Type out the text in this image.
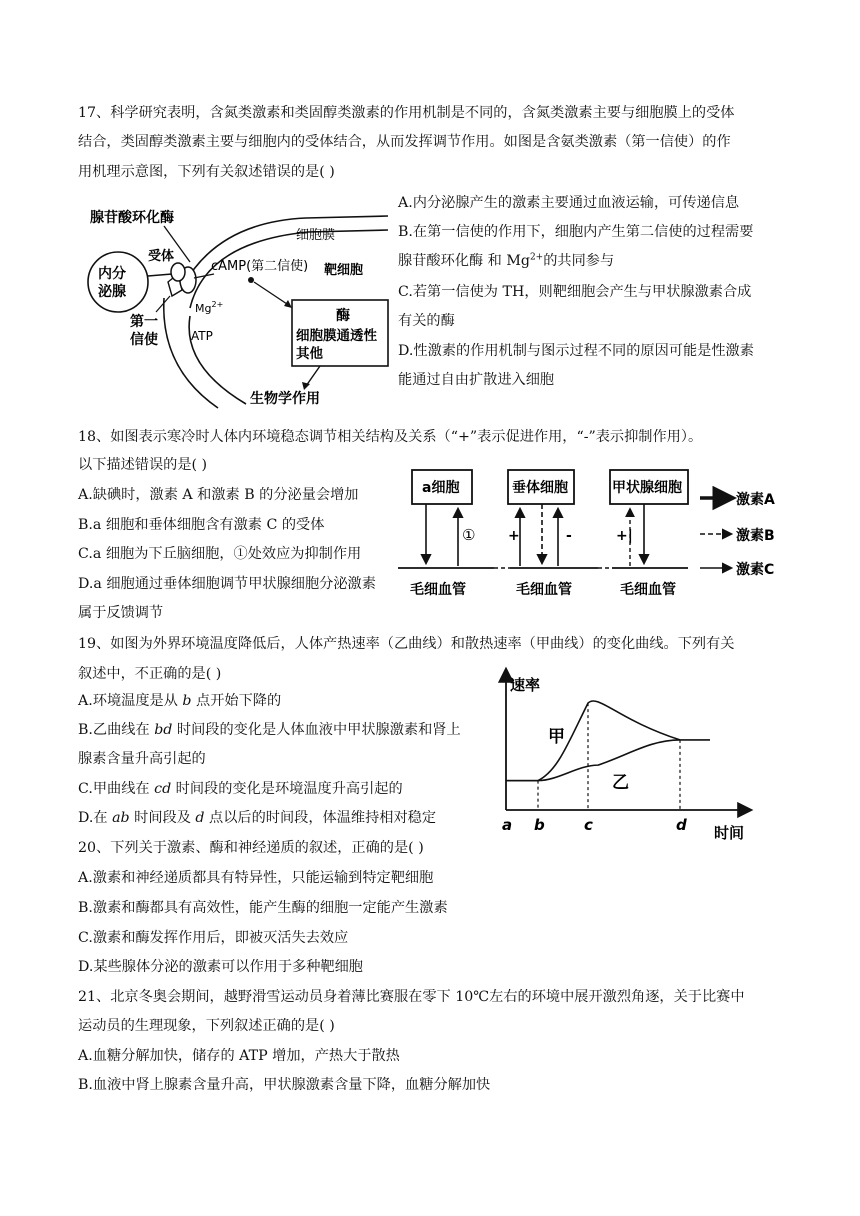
17、科学研究表明，含氮类激素和类固醇类激素的作用机制是不同的，含氮类激素主要与细胞膜上的受体
结合，类固醇类激素主要与细胞内的受体结合，从而发挥调节作用。如图是含氨类激素（第一信使）的作
用机理示意图，下列有关叙述错误的是( )
A.内分泌腺产生的激素主要通过血液运输，可传递信息
B.在第一信使的作用下，细胞内产生第二信使的过程需要
腺苷酸环化酶 和 $Mg^{2+}$的共同参与
C.若第一信使为 TH，则靶细胞会产生与甲状腺激素合成
有关的酶
D.性激素的作用机制与图示过程不同的原因可能是性激素
能通过自由扩散进入细胞
腺苷酸环化酶
细胞膜
受体
内分
泌腺
第一
信使
cAMP(第二信使) 靶细胞
$Mg^{2+}$
ATP
酶
细胞膜通透性
其他
生物学作用
18、如图表示寒冷时人体内环境稳态调节相关结构及关系（“+”表示促进作用，“-”表示抑制作用）。
以下描述错误的是( )
A.缺碘时，激素 A 和激素 B 的分泌量会增加
B.a 细胞和垂体细胞含有激素 C 的受体
C.a 细胞为下丘脑细胞，①处效应为抑制作用
D.a 细胞通过垂体细胞调节甲状腺细胞分泌激素
属于反馈调节
a细胞	垂体细胞	甲状腺细胞
① +	-	+|
毛细血管	毛细血管	毛细血管
激素A
激素B
激素C
19、如图为外界环境温度降低后，人体产热速率（乙曲线）和散热速率（甲曲线）的变化曲线。下列有关
叙述中，不正确的是( )
A.环境温度是从 b 点开始下降的
B.乙曲线在 bd 时间段的变化是人体血液中甲状腺激素和肾上
腺素含量升高引起的
C.甲曲线在 cd 时间段的变化是环境温度升高引起的
D.在 ab 时间段及 d 点以后的时间段，体温维持相对稳定
速率
时间
a b	c	d
甲
乙
20、下列关于激素、酶和神经递质的叙述，正确的是( )
A.激素和神经递质都具有特异性，只能运输到特定靶细胞
B.激素和酶都具有高效性，能产生酶的细胞一定能产生激素
C.激素和酶发挥作用后，即被灭活失去效应
D.某些腺体分泌的激素可以作用于多种靶细胞
21、北京冬奥会期间，越野滑雪运动员身着薄比赛服在零下 10℃左右的环境中展开激烈角逐，关于比赛中
运动员的生理现象，下列叙述正确的是( )
A.血糖分解加快，储存的 ATP 增加，产热大于散热
B.血液中肾上腺素含量升高，甲状腺激素含量下降，血糖分解加快
